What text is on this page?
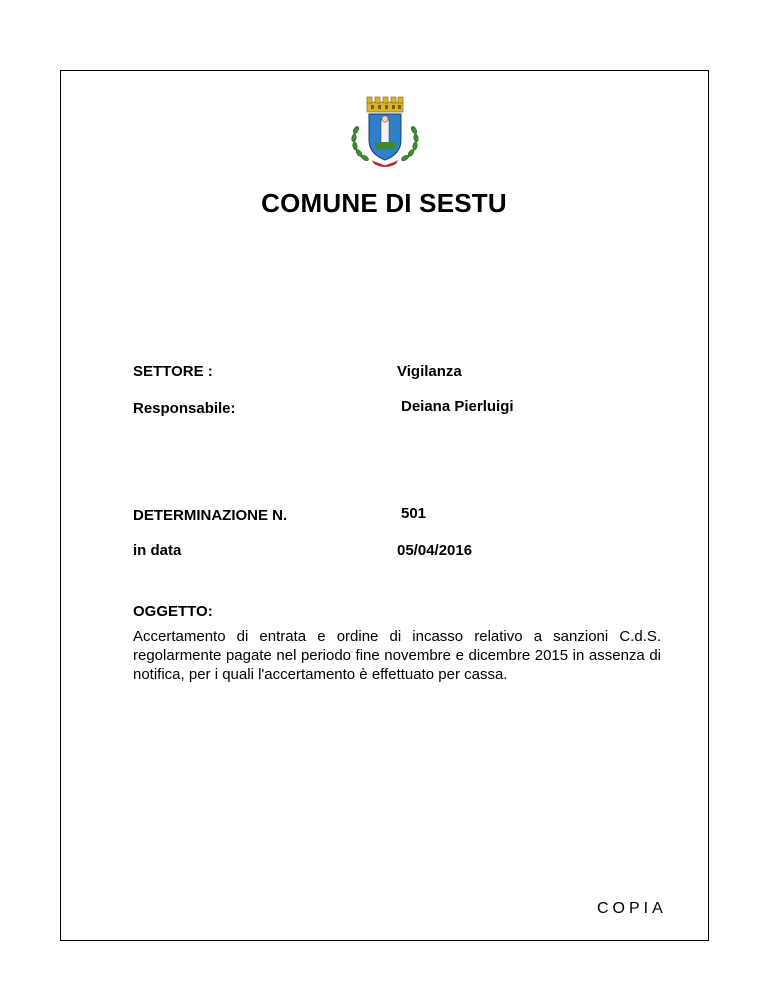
COMUNE DI SESTU
SETTORE :	Vigilanza
Responsabile:	Deiana Pierluigi
DETERMINAZIONE N.	501
in data	05/04/2016
OGGETTO:
Accertamento di entrata e ordine di incasso relativo a sanzioni C.d.S. regolarmente pagate nel periodo fine novembre e dicembre 2015 in assenza di notifica, per i quali l'accertamento è effettuato per cassa.
COPIA
